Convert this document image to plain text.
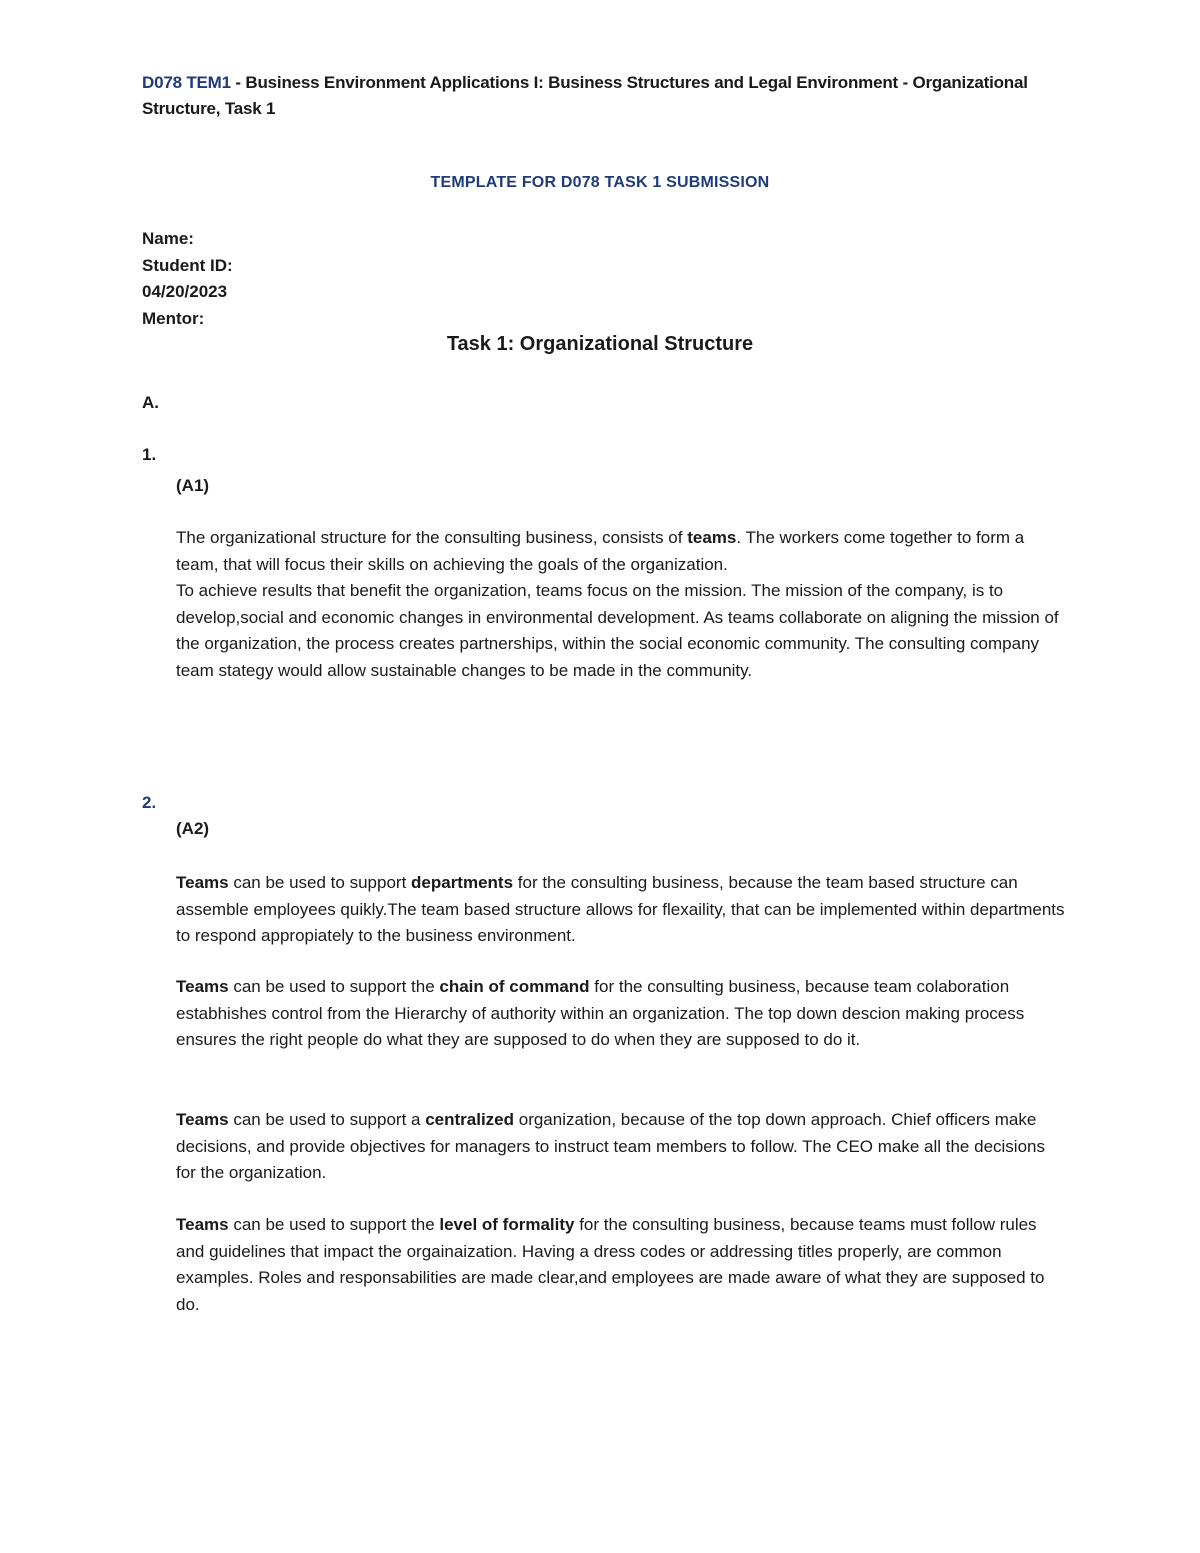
D078 TEM1 - Business Environment Applications I: Business Structures and Legal Environment - Organizational Structure, Task 1
TEMPLATE FOR D078 TASK 1 SUBMISSION
Name:
Student ID:
04/20/2023
Mentor:
Task 1: Organizational Structure
A.
1.
(A1)

The organizational structure for the consulting business, consists of teams. The workers come together to form a team, that will focus their skills on achieving the goals of the organization.

To achieve results that benefit the organization, teams focus on the mission. The mission of the company, is to develop,social and economic changes in environmental development. As teams collaborate on aligning the mission of the organization, the process creates partnerships, within the social economic community. The consulting company team stategy would allow sustainable changes to be made in the community.

2.
(A2)

Teams can be used to support departments for the consulting business, because the team based structure can assemble employees quikly.The team based structure allows for flexaility, that can be implemented within departments to respond appropiately to the business environment.

Teams can be used to support the chain of command for the consulting business, because team colaboration estabhishes control from the Hierarchy of authority within an organization. The top down descion making process ensures the right people do what they are supposed to do when they are supposed to do it.

Teams can be used to support a centralized organization, because of the top down approach. Chief officers make decisions, and provide objectives for managers to instruct team members to follow. The CEO make all the decisions for the organization.

Teams can be used to support the level of formality for the consulting business, because teams must follow rules and guidelines that impact the orgainaization. Having a dress codes or addressing titles properly, are common examples. Roles and responsabilities are made clear,and employees are made aware of what they are supposed to do.
